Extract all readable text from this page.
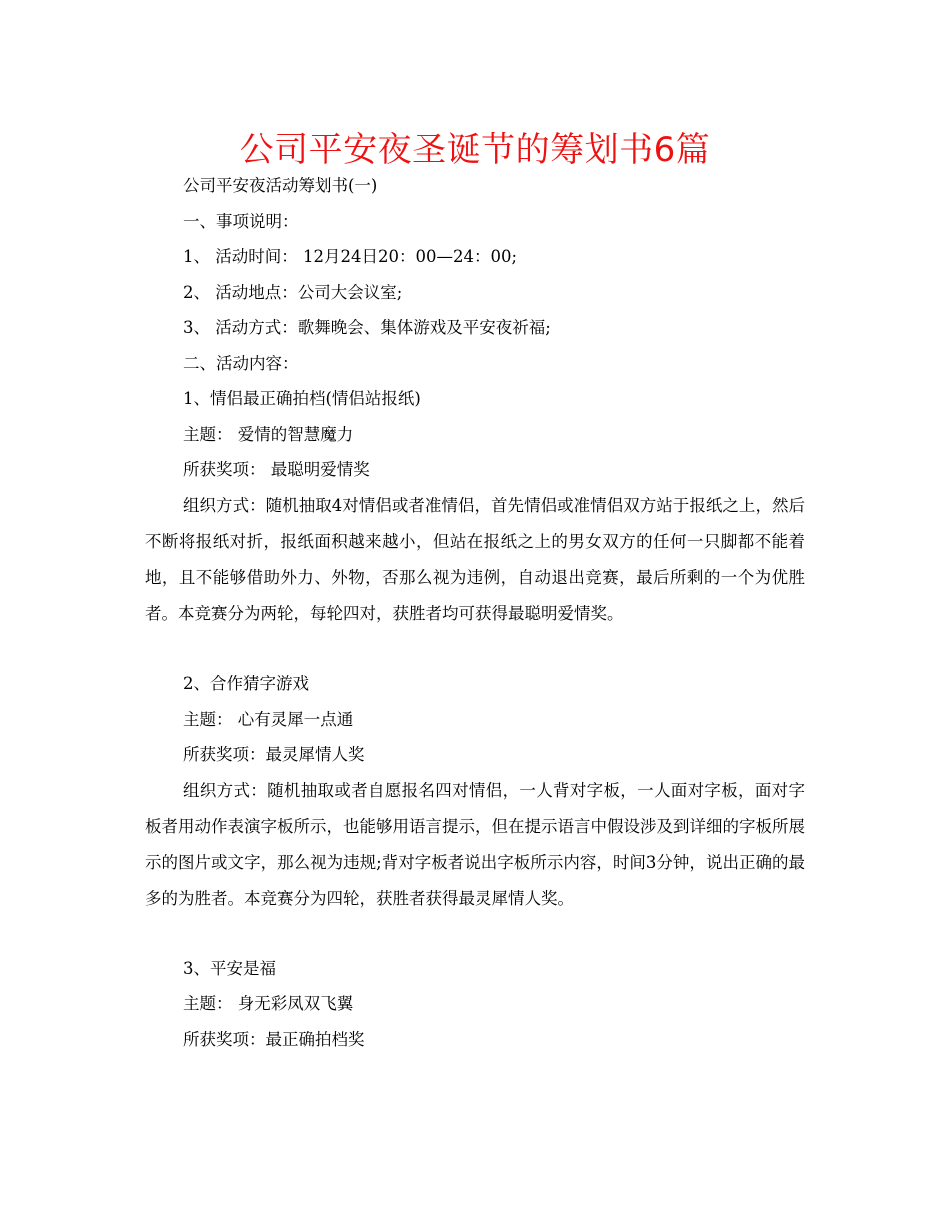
公司平安夜圣诞节的筹划书6篇
公司平安夜活动筹划书(一)
一、事项说明：
1、 活动时间： 12月24日20：00—24：00;
2、 活动地点：公司大会议室;
3、 活动方式：歌舞晚会、集体游戏及平安夜祈福;
二、活动内容：
1、情侣最正确拍档(情侣站报纸)
主题： 爱情的智慧魔力
所获奖项： 最聪明爱情奖
组织方式：随机抽取4对情侣或者准情侣，首先情侣或准情侣双方站于报纸之上，然后不断将报纸对折，报纸面积越来越小，但站在报纸之上的男女双方的任何一只脚都不能着地，且不能够借助外力、外物，否那么视为违例，自动退出竞赛，最后所剩的一个为优胜者。本竞赛分为两轮，每轮四对，获胜者均可获得最聪明爱情奖。
2、合作猜字游戏
主题： 心有灵犀一点通
所获奖项：最灵犀情人奖
组织方式：随机抽取或者自愿报名四对情侣，一人背对字板，一人面对字板，面对字板者用动作表演字板所示，也能够用语言提示，但在提示语言中假设涉及到详细的字板所展示的图片或文字，那么视为违规;背对字板者说出字板所示内容，时间3分钟，说出正确的最多的为胜者。本竞赛分为四轮，获胜者获得最灵犀情人奖。
3、平安是福
主题： 身无彩凤双飞翼
所获奖项：最正确拍档奖
